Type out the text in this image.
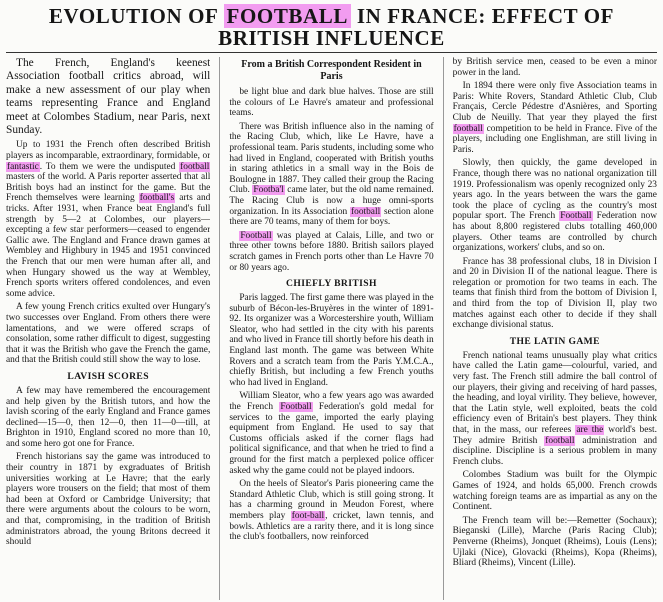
EVOLUTION OF FOOTBALL IN FRANCE: EFFECT OF BRITISH INFLUENCE

The French, England's keenest Association football critics abroad, will make a new assessment of our play when teams representing France and England meet at Colombes Stadium, near Paris, next Sunday.

Up to 1931 the French often described British players as incomparable, extraordinary, formidable, or fantastic. To them we were the undisputed football masters of the world. A Paris reporter asserted that all British boys had an instinct for the game. But the French themselves were learning football's arts and tricks. After 1931, when France beat England's full strength by 5—2 at Colombes, our players—excepting a few star performers—ceased to engender Gallic awe. The England and France drawn games at Wembley and Highbury in 1945 and 1951 convinced the French that our men were human after all, and when Hungary showed us the way at Wembley, French sports writers offered condolences, and even some advice.

A few young French critics exulted over Hungary's two successes over England. From others there were lamentations, and we were offered scraps of consolation, some rather difficult to digest, suggesting that it was the British who gave the French the game, and that the British could still show the way to lose.

LAVISH SCORES

A few may have remembered the encouragement and help given by the British tutors, and how the lavish scoring of the early England and France games declined—15—0, then 12—0, then 11—0—till, at Brighton in 1910, England scored no more than 10, and some hero got one for France.

French historians say the game was introduced to their country in 1871 by exgraduates of British universities working at Le Havre; that the early players wore trousers on the field; that most of them had been at Oxford or Cambridge University; that there were arguments about the colours to be worn, and that, compromising, in the tradition of British administrators abroad, the young Britons decreed it should

From a British Correspondent Resident in Paris

be light blue and dark blue halves. Those are still the colours of Le Havre's amateur and professional teams.

There was British influence also in the naming of the Racing Club, which, like Le Havre, have a professional team. Paris students, including some who had lived in England, cooperated with British youths in staring athletics in a small way in the Bois de Boulogne in 1887. They called their group the Racing Club. Footba'l came later, but the old name remained. The Racing Club is now a huge omni-sports organization. In its Association football section alone there are 70 teams, many of them for boys.

Football was played at Calais, Lille, and two or three other towns before 1880. British sailors played scratch games in French ports other than Le Havre 70 or 80 years ago.

CHIEFLY BRITISH

Paris lagged. The first game there was played in the suburb of Bécon-les-Bruyères in the winter of 1891-92. Its organizer was a Worcestershire youth, William Sleator, who had settled in the city with his parents and who lived in France till shortly before his death in England last month. The game was between White Rovers and a scratch team from the Paris Y.M.C.A., chiefly British, but including a few French youths who had lived in England.

William Sleator, who a few years ago was awarded the French Football Federation's gold medal for services to the game, imported the early playing equipment from England. He used to say that Customs officials asked if the corner flags had political significance, and that when he tried to find a ground for the first match a perplexed police officer asked why the game could not be played indoors.

On the heels of Sleator's Paris pioneering came the Standard Athletic Club, which is still going strong. It has a charming ground in Meudon Forest, where members play foot-ball, cricket, lawn tennis, and bowls. Athletics are a rarity there, and it is long since the club's footballers, now reinforced

by British service men, ceased to be even a minor power in the land.

In 1894 there were only five Association teams in Paris: White Rovers, Standard Athletic Club, Club Français, Cercle Pédestre d'Asnières, and Sporting Club de Neuilly. That year they played the first football competition to be held in France. Five of the players, including one Englishman, are still living in Paris.

Slowly, then quickly, the game developed in France, though there was no national organization till 1919. Professionalism was openly recognized only 23 years ago. In the years between the wars the game took the place of cycling as the country's most popular sport. The French Football Federation now has about 8,800 registered clubs totalling 460,000 players. Other teams are controlled by church organizations, workers' clubs, and so on.

France has 38 professional clubs, 18 in Division I and 20 in Division II of the national league. There is relegation or promotion for two teams in each. The teams that finish third from the bottom of Division I, and third from the top of Division II, play two matches against each other to decide if they shall exchange divisional status.

THE LATIN GAME

French national teams unusually play what critics have called the Latin game—colourful, varied, and very fast. The French still admire the ball control of our players, their giving and receiving of hard passes, the heading, and loyal virility. They believe, however, that the Latin style, well exploited, beats the cold efficiency even of Britain's best players. They think that, in the mass, our referees are the world's best. They admire British football administration and discipline. Discipline is a serious problem in many French clubs.

Colombes Stadium was built for the Olympic Games of 1924, and holds 65,000. French crowds watching foreign teams are as impartial as any on the Continent.

The French team will be:—Remetter (Sochaux); Bieganski (Lille), Marche (Paris Racing Club); Penverne (Rheims), Jonquet (Rheims), Louis (Lens); Ujlaki (Nice), Glovacki (Rheims), Kopa (Rheims), Bliard (Rheims), Vincent (Lille).
